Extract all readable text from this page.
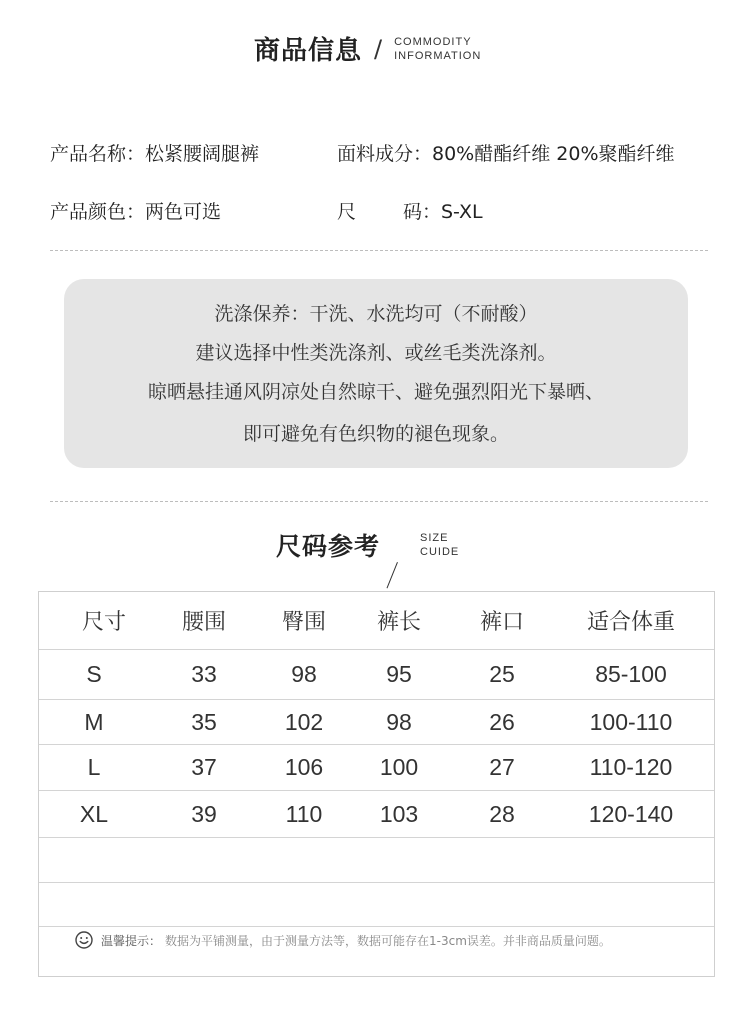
商品信息 / COMMODITY
INFORMATION
产品名称：松紧腰阔腿裤	面料成分：80%醋酯纤维 20%聚酯纤维
产品颜色：两色可选	尺 码：S-XL
洗涤保养：干洗、水洗均可（不耐酸）
建议选择中性类洗涤剂、或丝毛类洗涤剂。
晾晒悬挂通风阴凉处自然晾干、避免强烈阳光下暴晒、
即可避免有色织物的褪色现象。
尺码参考	SIZE
CUIDE
尺寸	腰围	臀围	裤长	裤口	适合体重
S	33	98	95	25	85-100
M	35	102	98	26	100-110
L	37	106	100	27	110-120
XL	39	110	103	28	120-140
温馨提示： 数据为平铺测量，由于测量方法等，数据可能存在1-3cm误差。并非商品质量问题。
